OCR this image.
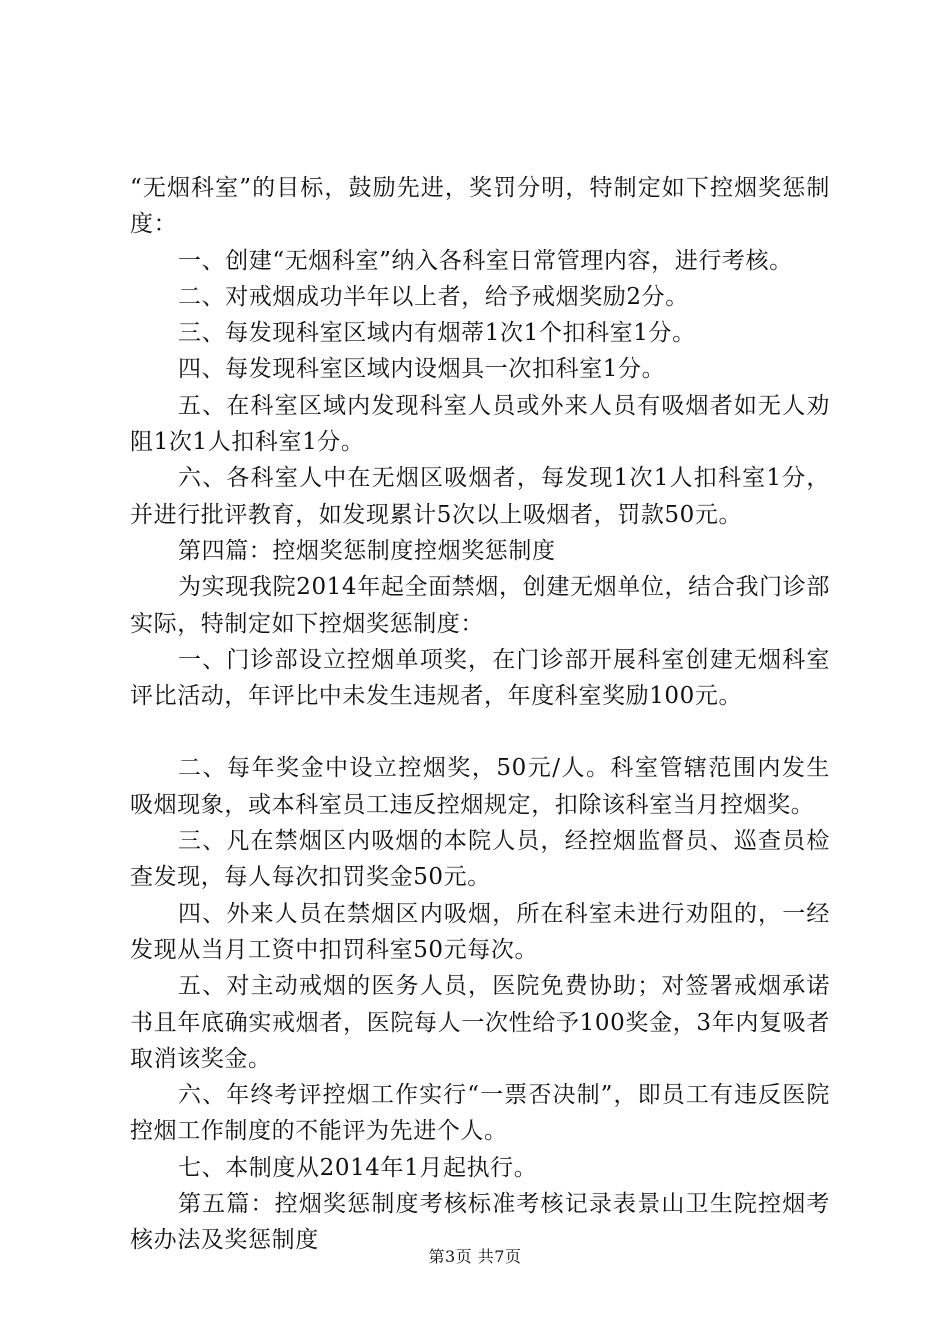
“无烟科室”的目标，鼓励先进，奖罚分明，特制定如下控烟奖惩制度：

一、创建“无烟科室”纳入各科室日常管理内容，进行考核。

二、对戒烟成功半年以上者，给予戒烟奖励2分。

三、每发现科室区域内有烟蒂1次1个扣科室1分。

四、每发现科室区域内设烟具一次扣科室1分。

五、在科室区域内发现科室人员或外来人员有吸烟者如无人劝阻1次1人扣科室1分。

六、各科室人中在无烟区吸烟者，每发现1次1人扣科室1分，并进行批评教育，如发现累计5次以上吸烟者，罚款50元。

第四篇：控烟奖惩制度控烟奖惩制度

为实现我院2014年起全面禁烟，创建无烟单位，结合我门诊部实际，特制定如下控烟奖惩制度：

一、门诊部设立控烟单项奖，在门诊部开展科室创建无烟科室评比活动，年评比中未发生违规者，年度科室奖励100元。

二、每年奖金中设立控烟奖，50元/人。科室管辖范围内发生吸烟现象，或本科室员工违反控烟规定，扣除该科室当月控烟奖。

三、凡在禁烟区内吸烟的本院人员，经控烟监督员、巡查员检查发现，每人每次扣罚奖金50元。

四、外来人员在禁烟区内吸烟，所在科室未进行劝阻的，一经发现从当月工资中扣罚科室50元每次。

五、对主动戒烟的医务人员，医院免费协助；对签署戒烟承诺书且年底确实戒烟者，医院每人一次性给予100奖金，3年内复吸者取消该奖金。

六、年终考评控烟工作实行“一票否决制”，即员工有违反医院控烟工作制度的不能评为先进个人。

七、本制度从2014年1月起执行。

第五篇：控烟奖惩制度考核标准考核记录表景山卫生院控烟考核办法及奖惩制度

第3页 共7页
